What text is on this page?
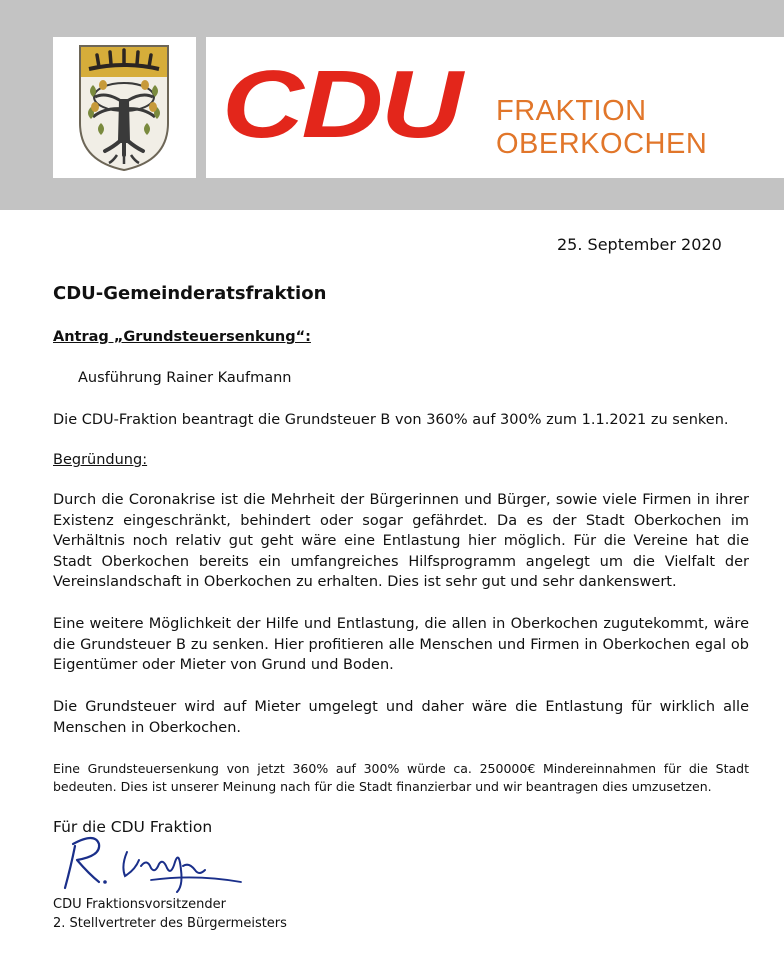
CDU FRAKTION
OBERKOCHEN
25. September 2020
CDU-Gemeinderatsfraktion
Antrag „Grundsteuersenkung“:
Ausführung Rainer Kaufmann
Die CDU-Fraktion beantragt die Grundsteuer B von 360% auf 300% zum 1.1.2021 zu senken.
Begründung:
Durch die Coronakrise ist die Mehrheit der Bürgerinnen und Bürger, sowie viele Firmen in ihrer Existenz eingeschränkt, behindert oder sogar gefährdet. Da es der Stadt Oberkochen im Verhältnis noch relativ gut geht wäre eine Entlastung hier möglich. Für die Vereine hat die Stadt Oberkochen bereits ein umfangreiches Hilfsprogramm angelegt um die Vielfalt der Vereinslandschaft in Oberkochen zu erhalten. Dies ist sehr gut und sehr dankenswert.
Eine weitere Möglichkeit der Hilfe und Entlastung, die allen in Oberkochen zugutekommt, wäre die Grundsteuer B zu senken. Hier profitieren alle Menschen und Firmen in Oberkochen egal ob Eigentümer oder Mieter von Grund und Boden.
Die Grundsteuer wird auf Mieter umgelegt und daher wäre die Entlastung für wirklich alle Menschen in Oberkochen.
Eine Grundsteuersenkung von jetzt 360% auf 300% würde ca. 250000€ Mindereinnahmen für die Stadt bedeuten. Dies ist unserer Meinung nach für die Stadt finanzierbar und wir beantragen dies umzusetzen.
Für die CDU Fraktion
CDU Fraktionsvorsitzender
2. Stellvertreter des Bürgermeisters
